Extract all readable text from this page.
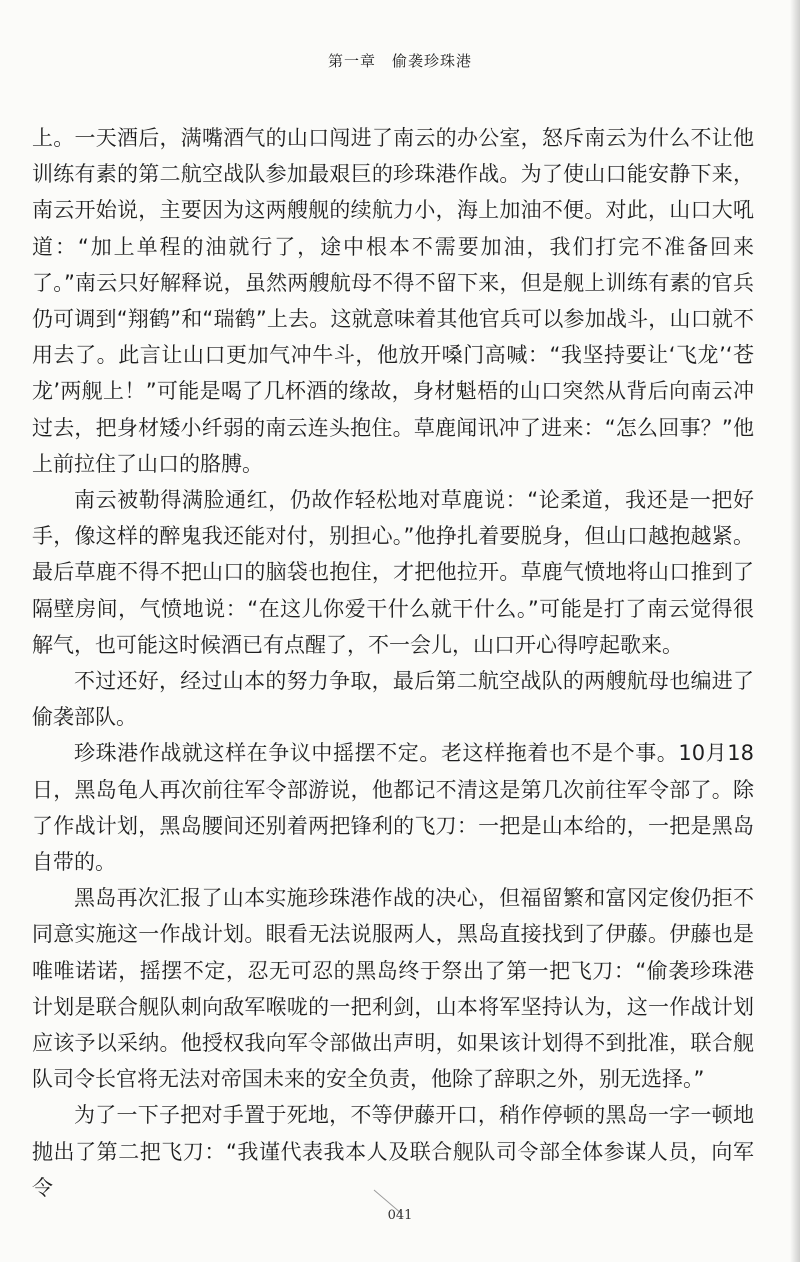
第一章　偷袭珍珠港

上。一天酒后，满嘴酒气的山口闯进了南云的办公室，怒斥南云为什么不让他训练有素的第二航空战队参加最艰巨的珍珠港作战。为了使山口能安静下来，南云开始说，主要因为这两艘舰的续航力小，海上加油不便。对此，山口大吼道：“加上单程的油就行了，途中根本不需要加油，我们打完不准备回来了。”南云只好解释说，虽然两艘航母不得不留下来，但是舰上训练有素的官兵仍可调到“翔鹤”和“瑞鹤”上去。这就意味着其他官兵可以参加战斗，山口就不用去了。此言让山口更加气冲牛斗，他放开嗓门高喊：“我坚持要让‘飞龙’‘苍龙’两舰上！”可能是喝了几杯酒的缘故，身材魁梧的山口突然从背后向南云冲过去，把身材矮小纤弱的南云连头抱住。草鹿闻讯冲了进来：“怎么回事？”他上前拉住了山口的胳膊。

南云被勒得满脸通红，仍故作轻松地对草鹿说：“论柔道，我还是一把好手，像这样的醉鬼我还能对付，别担心。”他挣扎着要脱身，但山口越抱越紧。最后草鹿不得不把山口的脑袋也抱住，才把他拉开。草鹿气愤地将山口推到了隔壁房间，气愤地说：“在这儿你爱干什么就干什么。”可能是打了南云觉得很解气，也可能这时候酒已有点醒了，不一会儿，山口开心得哼起歌来。

不过还好，经过山本的努力争取，最后第二航空战队的两艘航母也编进了偷袭部队。

珍珠港作战就这样在争议中摇摆不定。老这样拖着也不是个事。10月18日，黑岛龟人再次前往军令部游说，他都记不清这是第几次前往军令部了。除了作战计划，黑岛腰间还别着两把锋利的飞刀：一把是山本给的，一把是黑岛自带的。

黑岛再次汇报了山本实施珍珠港作战的决心，但福留繁和富冈定俊仍拒不同意实施这一作战计划。眼看无法说服两人，黑岛直接找到了伊藤。伊藤也是唯唯诺诺，摇摆不定，忍无可忍的黑岛终于祭出了第一把飞刀：“偷袭珍珠港计划是联合舰队刺向敌军喉咙的一把利剑，山本将军坚持认为，这一作战计划应该予以采纳。他授权我向军令部做出声明，如果该计划得不到批准，联合舰队司令长官将无法对帝国未来的安全负责，他除了辞职之外，别无选择。”

为了一下子把对手置于死地，不等伊藤开口，稍作停顿的黑岛一字一顿地抛出了第二把飞刀：“我谨代表我本人及联合舰队司令部全体参谋人员，向军令

041
